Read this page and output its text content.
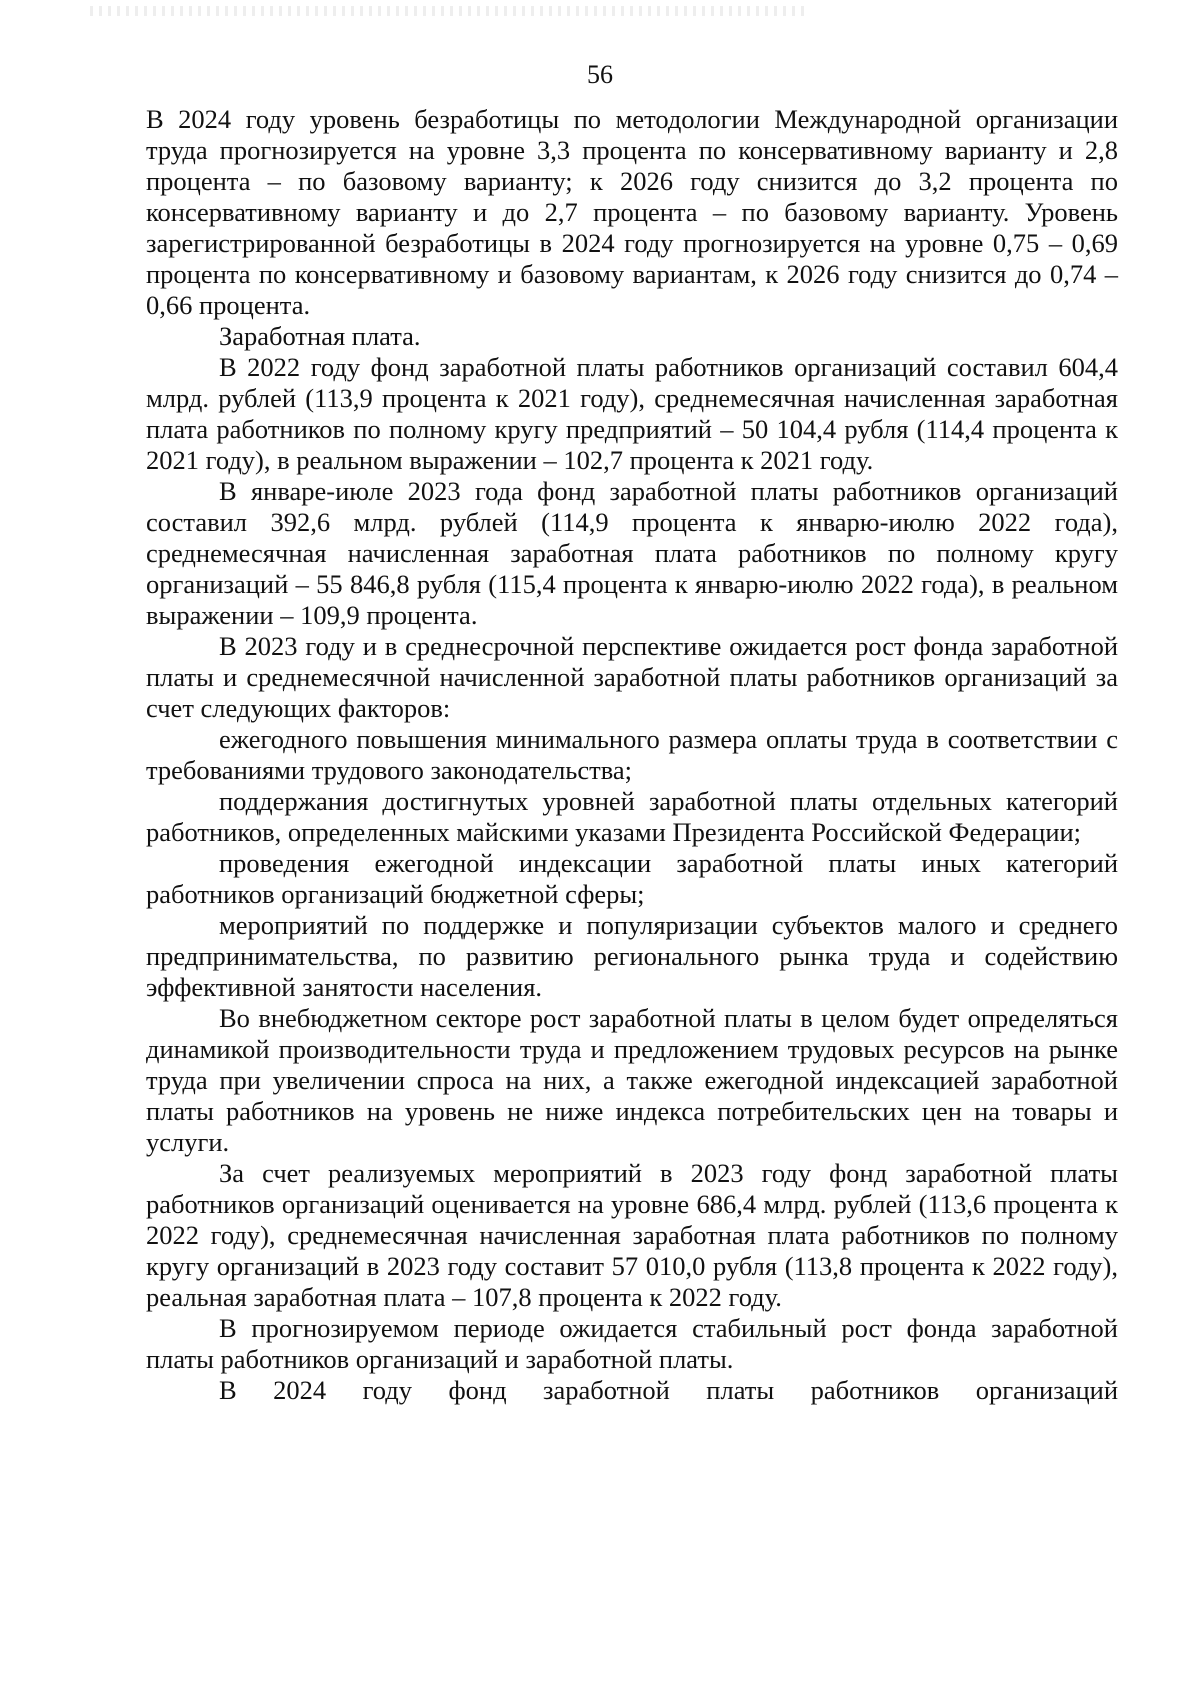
56

В 2024 году уровень безработицы по методологии Международной организации труда прогнозируется на уровне 3,3 процента по консервативному варианту и 2,8 процента – по базовому варианту; к 2026 году снизится до 3,2 процента по консервативному варианту и до 2,7 процента – по базовому варианту. Уровень зарегистрированной безработицы в 2024 году прогнозируется на уровне 0,75 – 0,69 процента по консервативному и базовому вариантам, к 2026 году снизится до 0,74 – 0,66 процента.

Заработная плата.

В 2022 году фонд заработной платы работников организаций составил 604,4 млрд. рублей (113,9 процента к 2021 году), среднемесячная начисленная заработная плата работников по полному кругу предприятий – 50 104,4 рубля (114,4 процента к 2021 году), в реальном выражении – 102,7 процента к 2021 году.

В январе-июле 2023 года фонд заработной платы работников организаций составил 392,6 млрд. рублей (114,9 процента к январю-июлю 2022 года), среднемесячная начисленная заработная плата работников по полному кругу организаций – 55 846,8 рубля (115,4 процента к январю-июлю 2022 года), в реальном выражении – 109,9 процента.

В 2023 году и в среднесрочной перспективе ожидается рост фонда заработной платы и среднемесячной начисленной заработной платы работников организаций за счет следующих факторов:

ежегодного повышения минимального размера оплаты труда в соответствии с требованиями трудового законодательства;

поддержания достигнутых уровней заработной платы отдельных категорий работников, определенных майскими указами Президента Российской Федерации;

проведения ежегодной индексации заработной платы иных категорий работников организаций бюджетной сферы;

мероприятий по поддержке и популяризации субъектов малого и среднего предпринимательства, по развитию регионального рынка труда и содействию эффективной занятости населения.

Во внебюджетном секторе рост заработной платы в целом будет определяться динамикой производительности труда и предложением трудовых ресурсов на рынке труда при увеличении спроса на них, а также ежегодной индексацией заработной платы работников на уровень не ниже индекса потребительских цен на товары и услуги.

За счет реализуемых мероприятий в 2023 году фонд заработной платы работников организаций оценивается на уровне 686,4 млрд. рублей (113,6 процента к 2022 году), среднемесячная начисленная заработная плата работников по полному кругу организаций в 2023 году составит 57 010,0 рубля (113,8 процента к 2022 году), реальная заработная плата – 107,8 процента к 2022 году.

В прогнозируемом периоде ожидается стабильный рост фонда заработной платы работников организаций и заработной платы.

В 2024 году фонд заработной платы работников организаций
